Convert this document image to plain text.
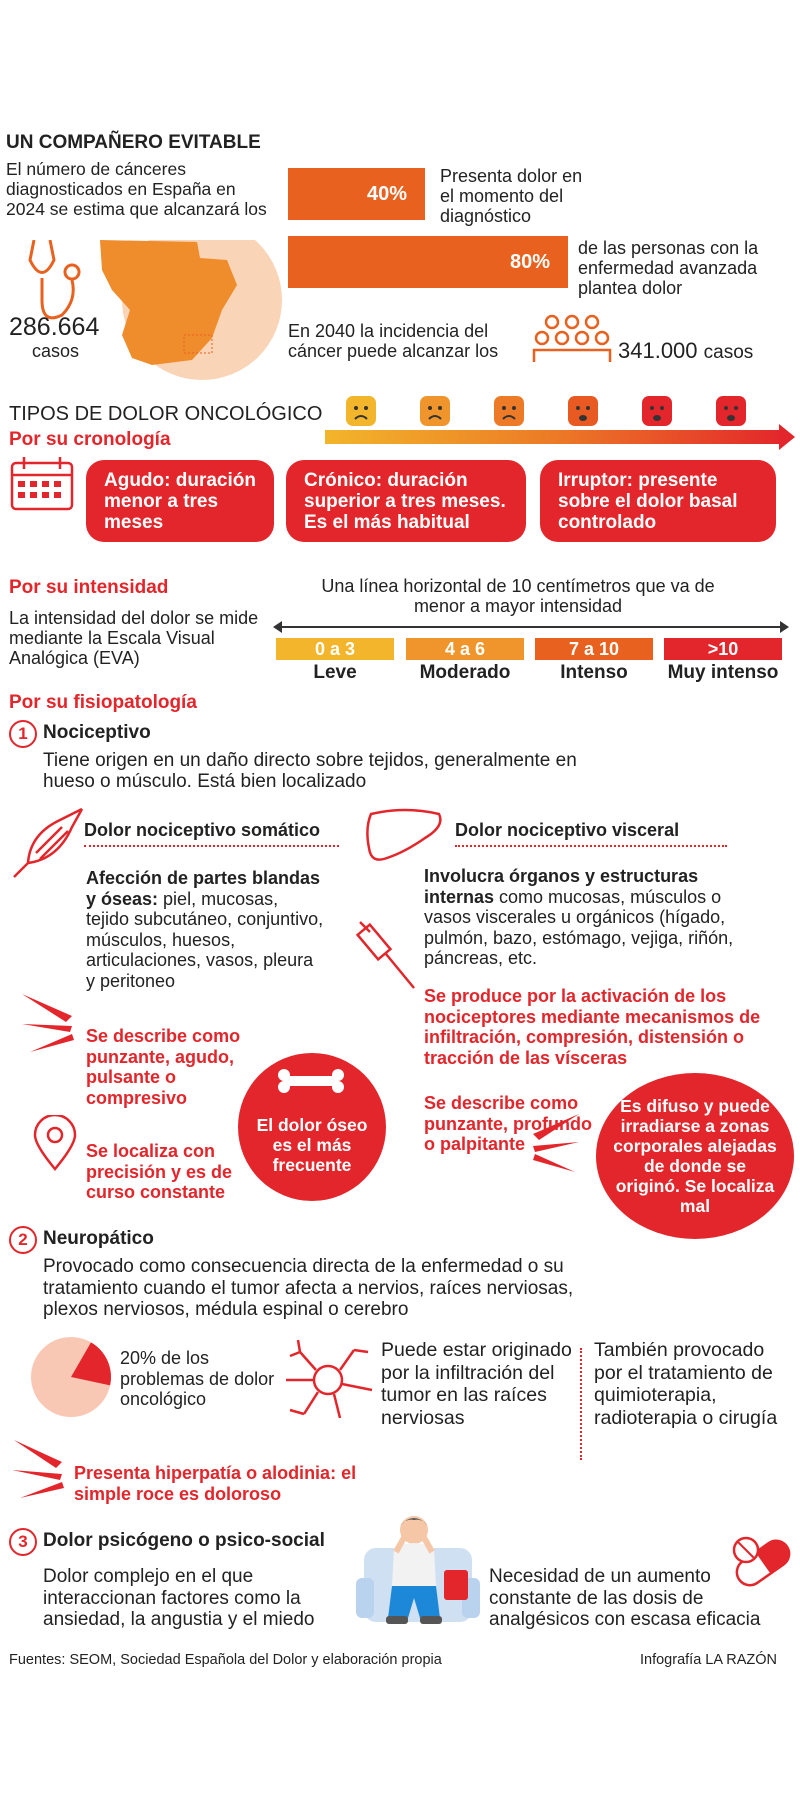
UN COMPAÑERO EVITABLE
El número de cánceres diagnosticados en España en 2024 se estima que alcanzará los
286.664
casos
40%
Presenta dolor en el momento del diagnóstico
80%
de las personas con la enfermedad avanzada plantea dolor
En 2040 la incidencia del cáncer puede alcanzar los	341.000 casos
TIPOS DE DOLOR ONCOLÓGICO
Por su cronología
Agudo: duración menor a tres meses
Crónico: duración superior a tres meses. Es el más habitual
Irruptor: presente sobre el dolor basal controlado
Por su intensidad
La intensidad del dolor se mide mediante la Escala Visual Analógica (EVA)
Una línea horizontal de 10 centímetros que va de menor a mayor intensidad
0 a 3	4 a 6	7 a 10	>10
Leve	Moderado	Intenso	Muy intenso
Por su fisiopatología
1 Nociceptivo
Tiene origen en un daño directo sobre tejidos, generalmente en hueso o músculo. Está bien localizado
Dolor nociceptivo somático	Dolor nociceptivo visceral
Afección de partes blandas y óseas: piel, mucosas, tejido subcutáneo, conjuntivo, músculos, huesos, articulaciones, vasos, pleura y peritoneo
Se describe como punzante, agudo, pulsante o compresivo
El dolor óseo es el más frecuente
Se localiza con precisión y es de curso constante
Involucra órganos y estructuras internas como mucosas, músculos o vasos viscerales u orgánicos (hígado, pulmón, bazo, estómago, vejiga, riñón, páncreas, etc.
Se produce por la activación de los nociceptores mediante mecanismos de infiltración, compresión, distensión o tracción de las vísceras
Se describe como punzante, profundo o palpitante
Es difuso y puede irradiarse a zonas corporales alejadas de donde se originó. Se localiza mal
2 Neuropático
Provocado como consecuencia directa de la enfermedad o su tratamiento cuando el tumor afecta a nervios, raíces nerviosas, plexos nerviosos, médula espinal o cerebro
20% de los problemas de dolor oncológico
Puede estar originado por la infiltración del tumor en las raíces nerviosas
También provocado por el tratamiento de quimioterapia, radioterapia o cirugía
Presenta hiperpatía o alodinia: el simple roce es doloroso
3 Dolor psicógeno o psico-social
Dolor complejo en el que interaccionan factores como la ansiedad, la angustia y el miedo
Necesidad de un aumento constante de las dosis de analgésicos con escasa eficacia
Fuentes: SEOM, Sociedad Española del Dolor y elaboración propia	Infografía LA RAZÓN
